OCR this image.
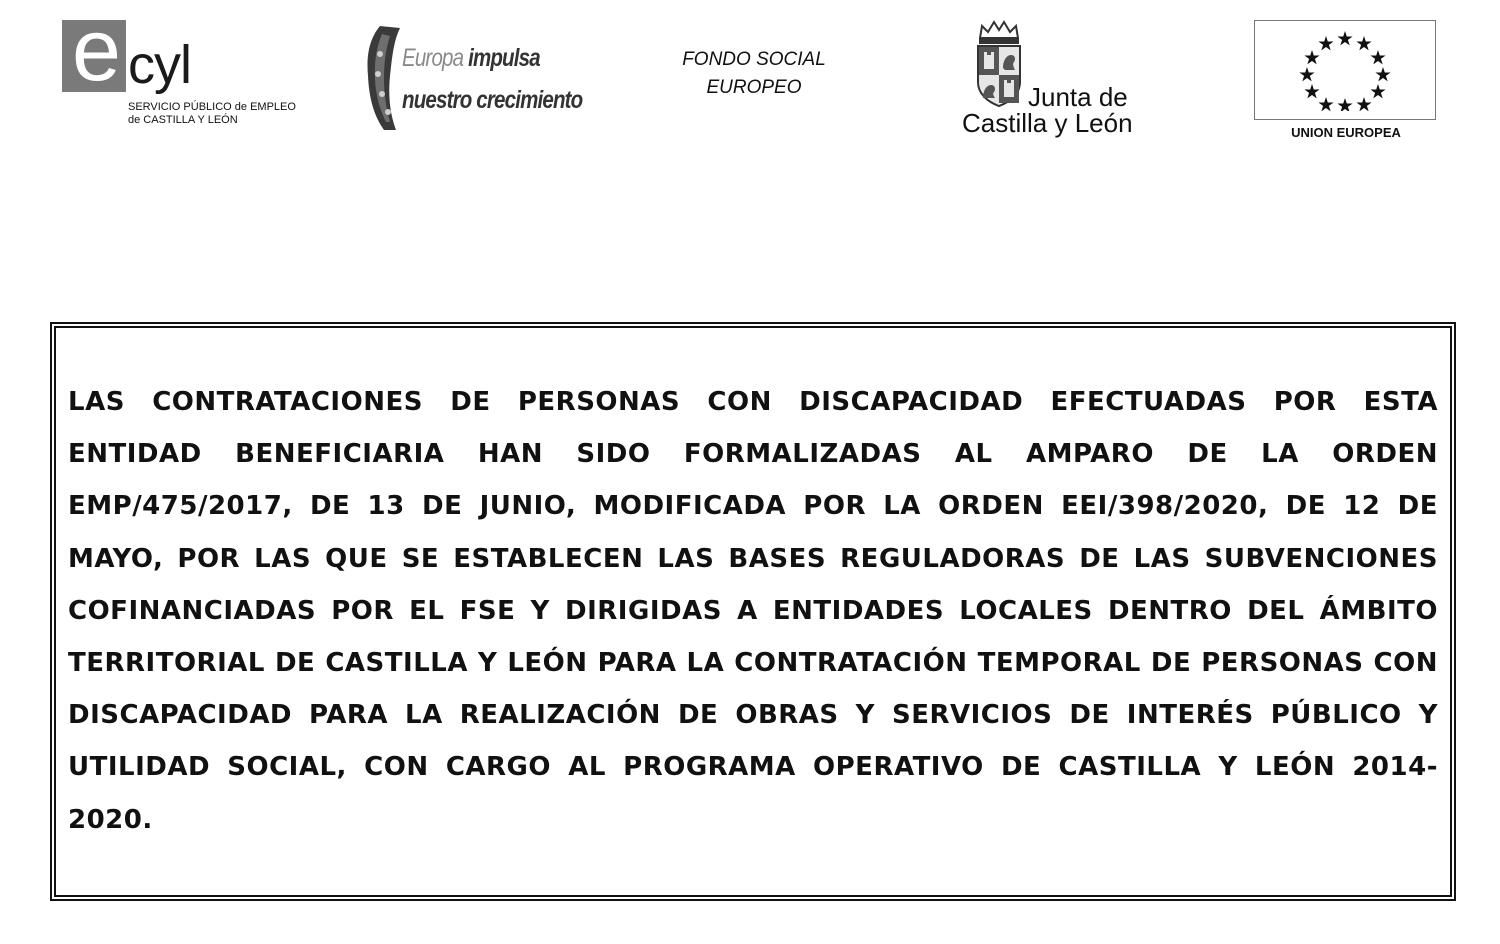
e cyl
SERVICIO PÚBLICO de EMPLEO
de CASTILLA Y LEÓN
Europa impulsa
nuestro crecimiento
FONDO SOCIAL
EUROPEO	Junta de
Castilla y León	UNION EUROPEA

LAS CONTRATACIONES DE PERSONAS CON DISCAPACIDAD EFECTUADAS POR ESTA ENTIDAD BENEFICIARIA HAN SIDO FORMALIZADAS AL AMPARO DE LA ORDEN EMP/475/2017, DE 13 DE JUNIO, MODIFICADA POR LA ORDEN EEI/398/2020, DE 12 DE MAYO, POR LAS QUE SE ESTABLECEN LAS BASES REGULADORAS DE LAS SUBVENCIONES COFINANCIADAS POR EL FSE Y DIRIGIDAS A ENTIDADES LOCALES DENTRO DEL ÁMBITO TERRITORIAL DE CASTILLA Y LEÓN PARA LA CONTRATACIÓN TEMPORAL DE PERSONAS CON DISCAPACIDAD PARA LA REALIZACIÓN DE OBRAS Y SERVICIOS DE INTERÉS PÚBLICO Y UTILIDAD SOCIAL, CON CARGO AL PROGRAMA OPERATIVO DE CASTILLA Y LEÓN 2014-2020.
